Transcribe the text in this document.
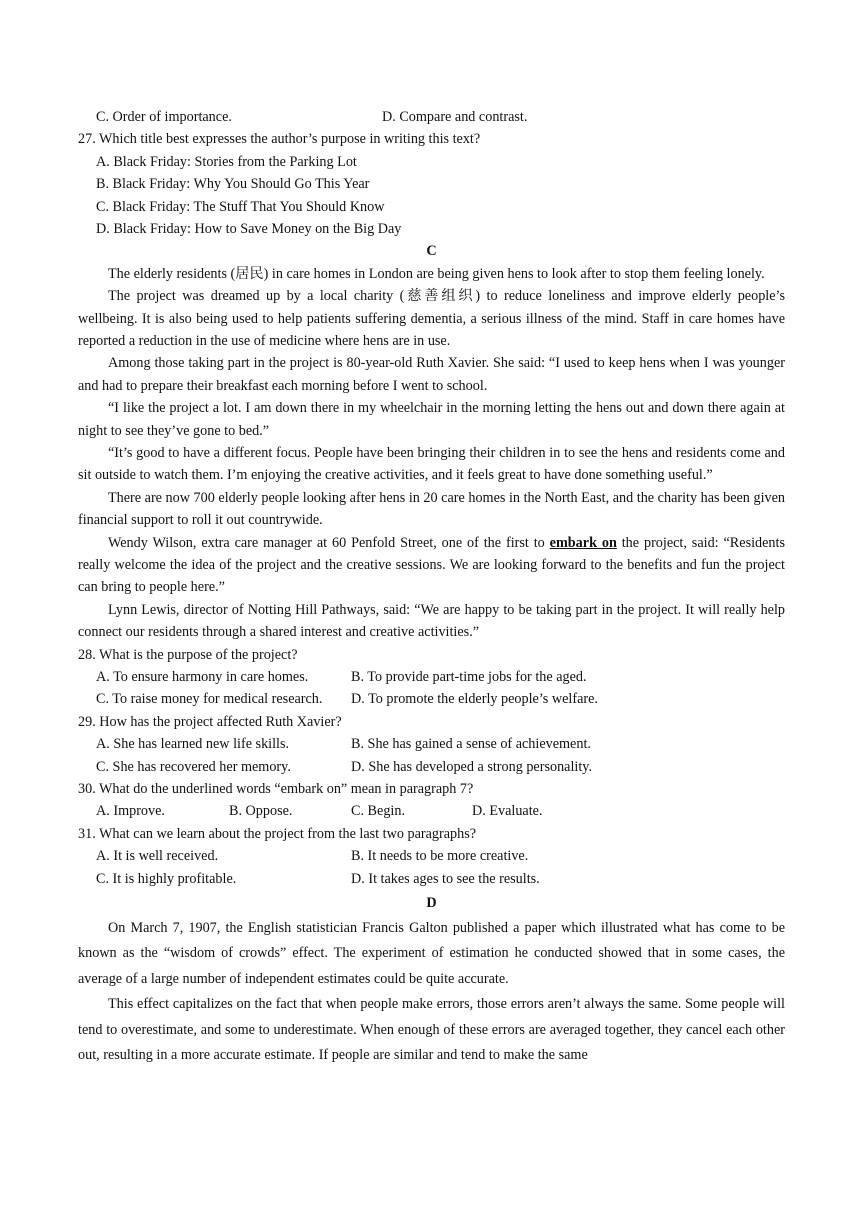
C. Order of importance.	D. Compare and contrast.
27. Which title best expresses the author’s purpose in writing this text?
A. Black Friday: Stories from the Parking Lot
B. Black Friday: Why You Should Go This Year
C. Black Friday: The Stuff That You Should Know
D. Black Friday: How to Save Money on the Big Day
C
The elderly residents (居民) in care homes in London are being given hens to look after to stop them feeling lonely.
The project was dreamed up by a local charity (慈善组织) to reduce loneliness and improve elderly people’s wellbeing. It is also being used to help patients suffering dementia, a serious illness of the mind. Staff in care homes have reported a reduction in the use of medicine where hens are in use.
Among those taking part in the project is 80-year-old Ruth Xavier. She said: “I used to keep hens when I was younger and had to prepare their breakfast each morning before I went to school.
“I like the project a lot. I am down there in my wheelchair in the morning letting the hens out and down there again at night to see they’ve gone to bed.”
“It’s good to have a different focus. People have been bringing their children in to see the hens and residents come and sit outside to watch them. I’m enjoying the creative activities, and it feels great to have done something useful.”
There are now 700 elderly people looking after hens in 20 care homes in the North East, and the charity has been given financial support to roll it out countrywide.
Wendy Wilson, extra care manager at 60 Penfold Street, one of the first to embark on the project, said: “Residents really welcome the idea of the project and the creative sessions. We are looking forward to the benefits and fun the project can bring to people here.”
Lynn Lewis, director of Notting Hill Pathways, said: “We are happy to be taking part in the project. It will really help connect our residents through a shared interest and creative activities.”
28. What is the purpose of the project?
A. To ensure harmony in care homes.	B. To provide part-time jobs for the aged.
C. To raise money for medical research. D. To promote the elderly people’s welfare.
29. How has the project affected Ruth Xavier?
A. She has learned new life skills.	B. She has gained a sense of achievement.
C. She has recovered her memory.	D. She has developed a strong personality.
30. What do the underlined words “embark on” mean in paragraph 7?
A. Improve.	B. Oppose.	C. Begin.	D. Evaluate.
31. What can we learn about the project from the last two paragraphs?
A. It is well received.	B. It needs to be more creative.
C. It is highly profitable.	D. It takes ages to see the results.
D
On March 7, 1907, the English statistician Francis Galton published a paper which illustrated what has come to be known as the “wisdom of crowds” effect. The experiment of estimation he conducted showed that in some cases, the average of a large number of independent estimates could be quite accurate.
This effect capitalizes on the fact that when people make errors, those errors aren’t always the same. Some people will tend to overestimate, and some to underestimate. When enough of these errors are averaged together, they cancel each other out, resulting in a more accurate estimate. If people are similar and tend to make the same
